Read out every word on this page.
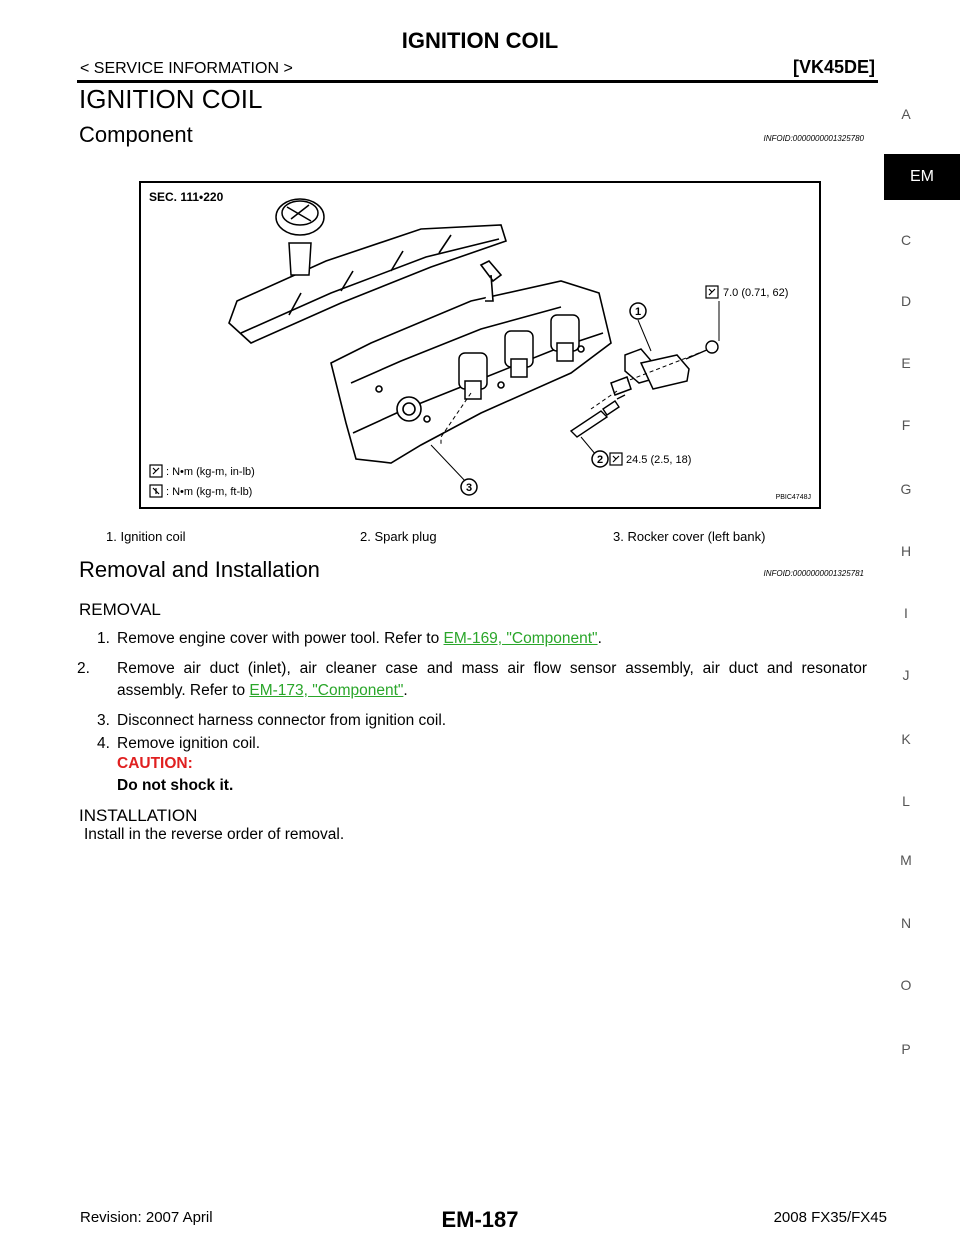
IGNITION COIL
< SERVICE INFORMATION >	[VK45DE]
IGNITION COIL
Component	INFOID:0000000001325780
SEC. 111•220
1
2
3
7.0 (0.71, 62)
24.5 (2.5, 18)
: N•m (kg-m, in-lb)
: N•m (kg-m, ft-lb)	PBIC4748J
1. Ignition coil	2. Spark plug	3. Rocker cover (left bank)
Removal and Installation	INFOID:0000000001325781
REMOVAL
1. Remove engine cover with power tool. Refer to EM-169, "Component".
2. Remove air duct (inlet), air cleaner case and mass air flow sensor assembly, air duct and resonator assembly. Refer to EM-173, "Component".
3. Disconnect harness connector from ignition coil.
4. Remove ignition coil.
CAUTION:
Do not shock it.
INSTALLATION
Install in the reverse order of removal.
A
EM
C
D
E
F
G
H
I
J
K
L
M
N
O
P
Revision: 2007 April	EM-187	2008 FX35/FX45
